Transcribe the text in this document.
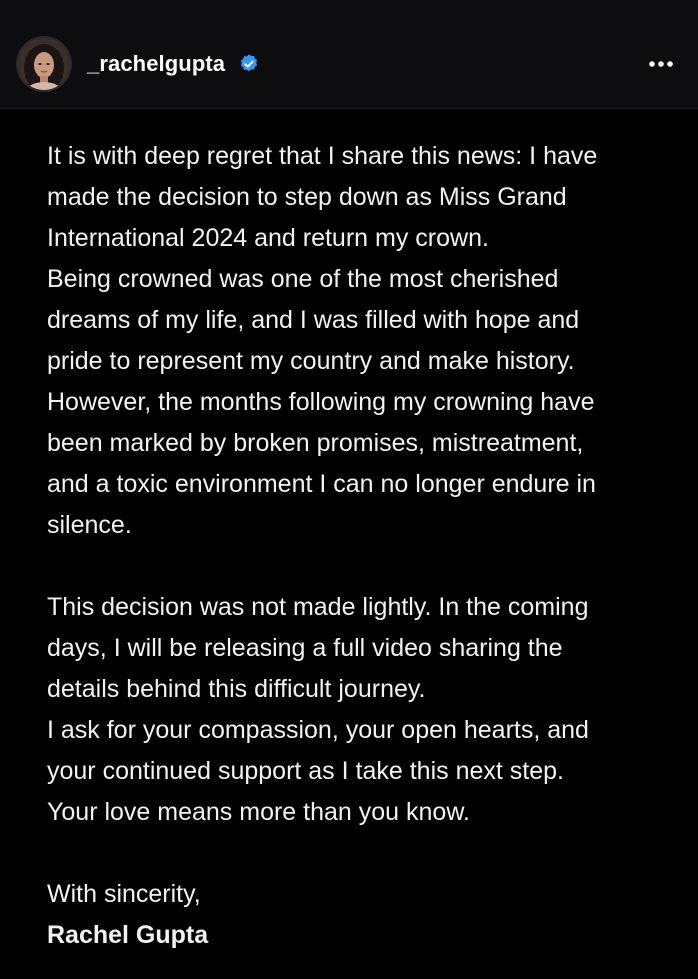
_rachelgupta

It is with deep regret that I share this news: I have

made the decision to step down as Miss Grand

International 2024 and return my crown.

Being crowned was one of the most cherished

dreams of my life, and I was filled with hope and

pride to represent my country and make history.

However, the months following my crowning have

been marked by broken promises, mistreatment,

and a toxic environment I can no longer endure in

silence.

This decision was not made lightly. In the coming

days, I will be releasing a full video sharing the

details behind this difficult journey.

I ask for your compassion, your open hearts, and

your continued support as I take this next step.

Your love means more than you know.

With sincerity,

Rachel Gupta
